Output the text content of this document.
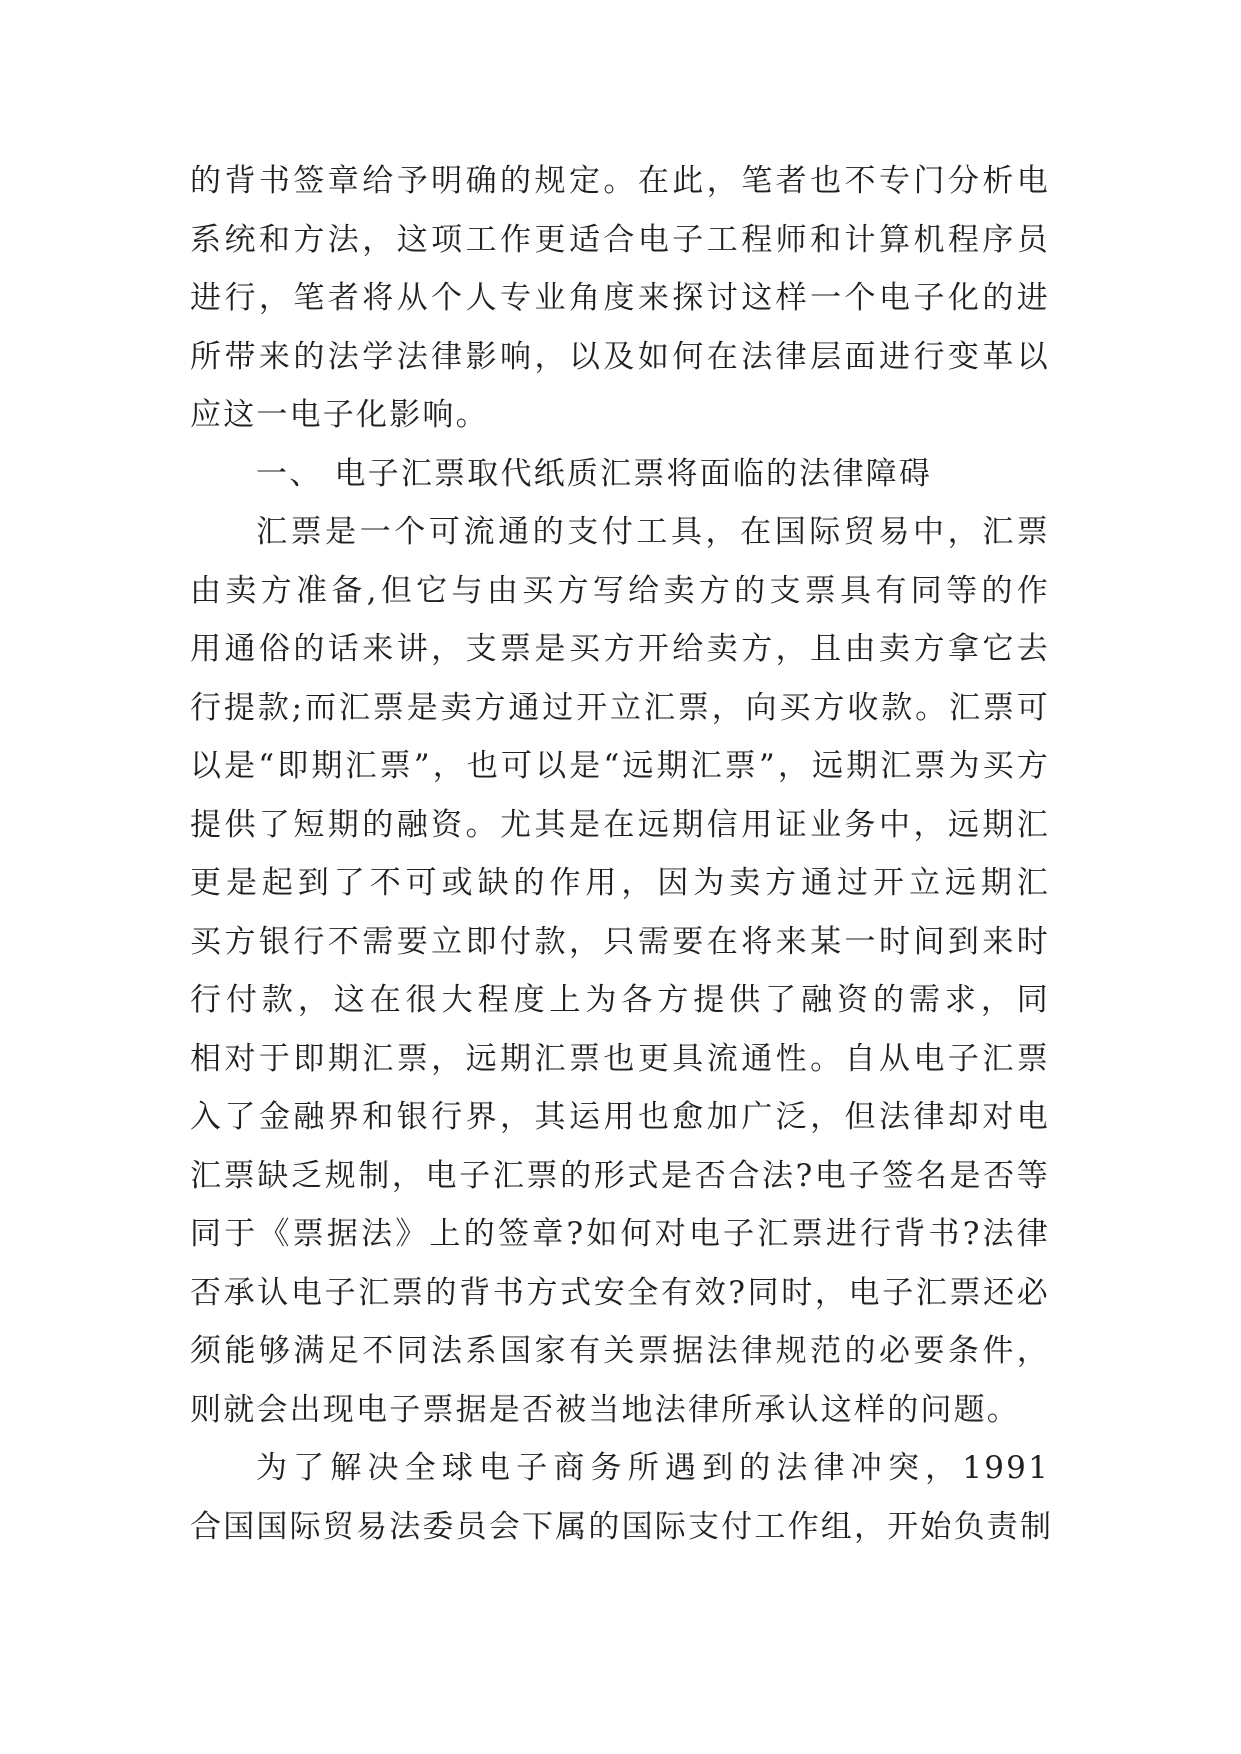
的背书签章给予明确的规定。在此，笔者也不专门分析电
系统和方法，这项工作更适合电子工程师和计算机程序员
进行，笔者将从个人专业角度来探讨这样一个电子化的进
所带来的法学法律影响，以及如何在法律层面进行变革以
应这一电子化影响。
一、 电子汇票取代纸质汇票将面临的法律障碍
汇票是一个可流通的支付工具，在国际贸易中，汇票
由卖方准备,但它与由买方写给卖方的支票具有同等的作
用通俗的话来讲，支票是买方开给卖方，且由卖方拿它去
行提款;而汇票是卖方通过开立汇票，向买方收款。汇票可
以是“即期汇票”，也可以是“远期汇票”，远期汇票为买方
提供了短期的融资。尤其是在远期信用证业务中，远期汇
更是起到了不可或缺的作用，因为卖方通过开立远期汇
买方银行不需要立即付款，只需要在将来某一时间到来时
行付款，这在很大程度上为各方提供了融资的需求，同
相对于即期汇票，远期汇票也更具流通性。自从电子汇票
入了金融界和银行界，其运用也愈加广泛，但法律却对电
汇票缺乏规制，电子汇票的形式是否合法?电子签名是否等
同于《票据法》上的签章?如何对电子汇票进行背书?法律
否承认电子汇票的背书方式安全有效?同时，电子汇票还必
须能够满足不同法系国家有关票据法律规范的必要条件，
则就会出现电子票据是否被当地法律所承认这样的问题。
为了解决全球电子商务所遇到的法律冲突，1991
合国国际贸易法委员会下属的国际支付工作组，开始负责制
